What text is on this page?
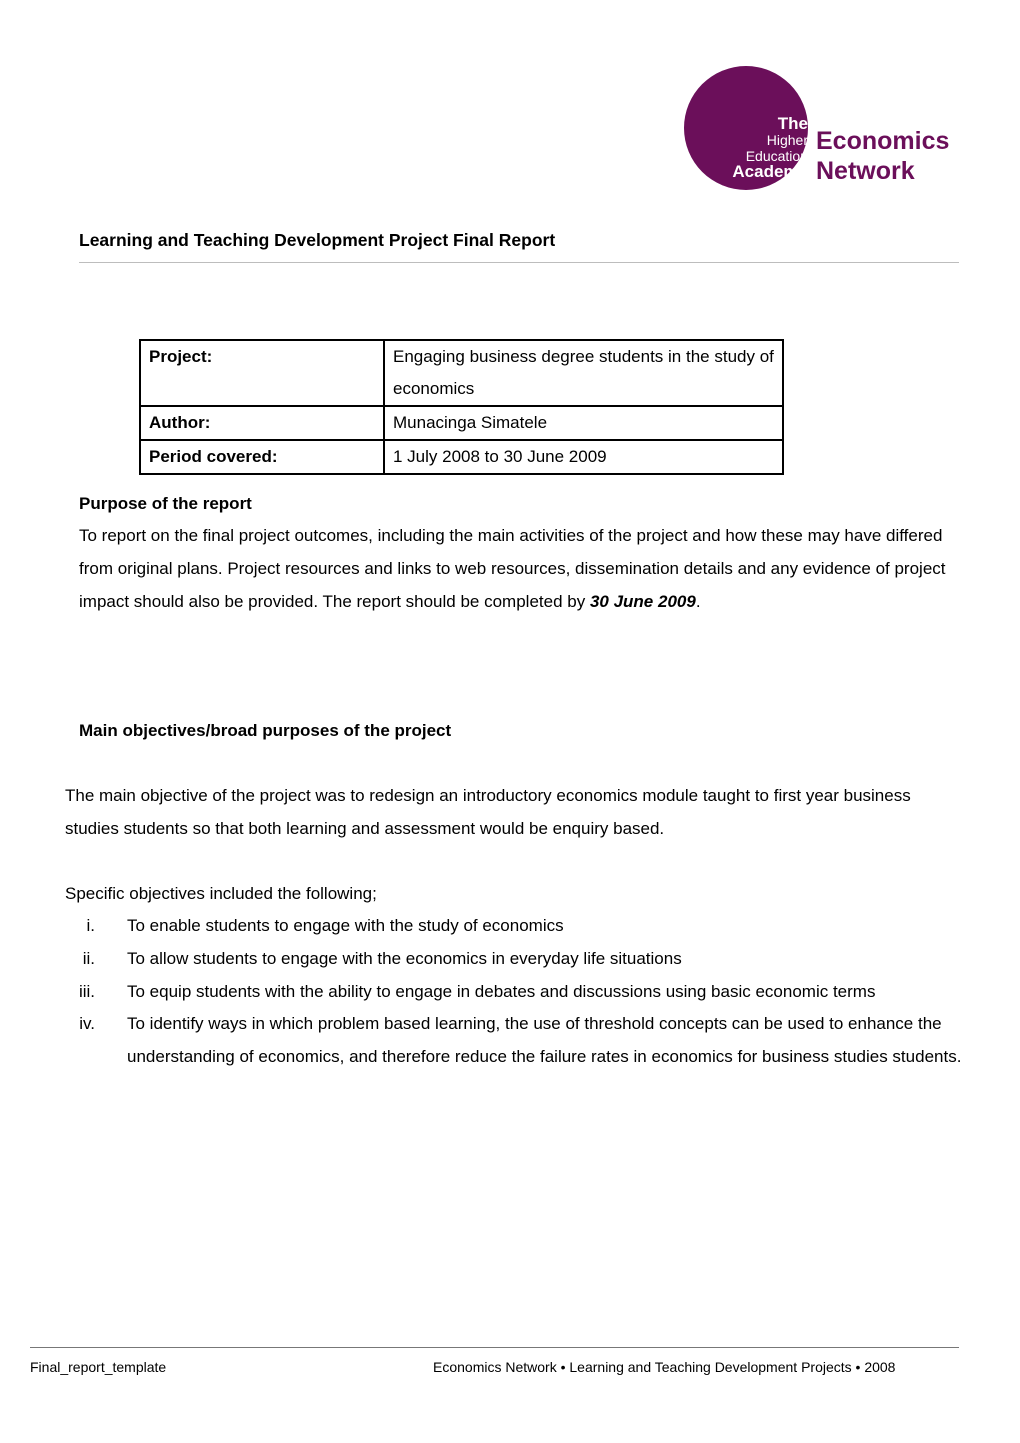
The
Higher
Education
Academy
Economics
Network
Learning and Teaching Development Project Final Report
Project:	Engaging business degree students in the study of economics
Author:	Munacinga Simatele
Period covered:	1 July 2008 to 30 June 2009
Purpose of the report
To report on the final project outcomes, including the main activities of the project and how these may have differed from original plans. Project resources and links to web resources, dissemination details and any evidence of project impact should also be provided. The report should be completed by 30 June 2009.
Main objectives/broad purposes of the project
The main objective of the project was to redesign an introductory economics module taught to first year business studies students so that both learning and assessment would be enquiry based.
Specific objectives included the following;
i. To enable students to engage with the study of economics
ii. To allow students to engage with the economics in everyday life situations
iii. To equip students with the ability to engage in debates and discussions using basic economic terms
iv. To identify ways in which problem based learning, the use of threshold concepts can be used to enhance the understanding of economics, and therefore reduce the failure rates in economics for business studies students.
Final_report_template	Economics Network • Learning and Teaching Development Projects • 2008
